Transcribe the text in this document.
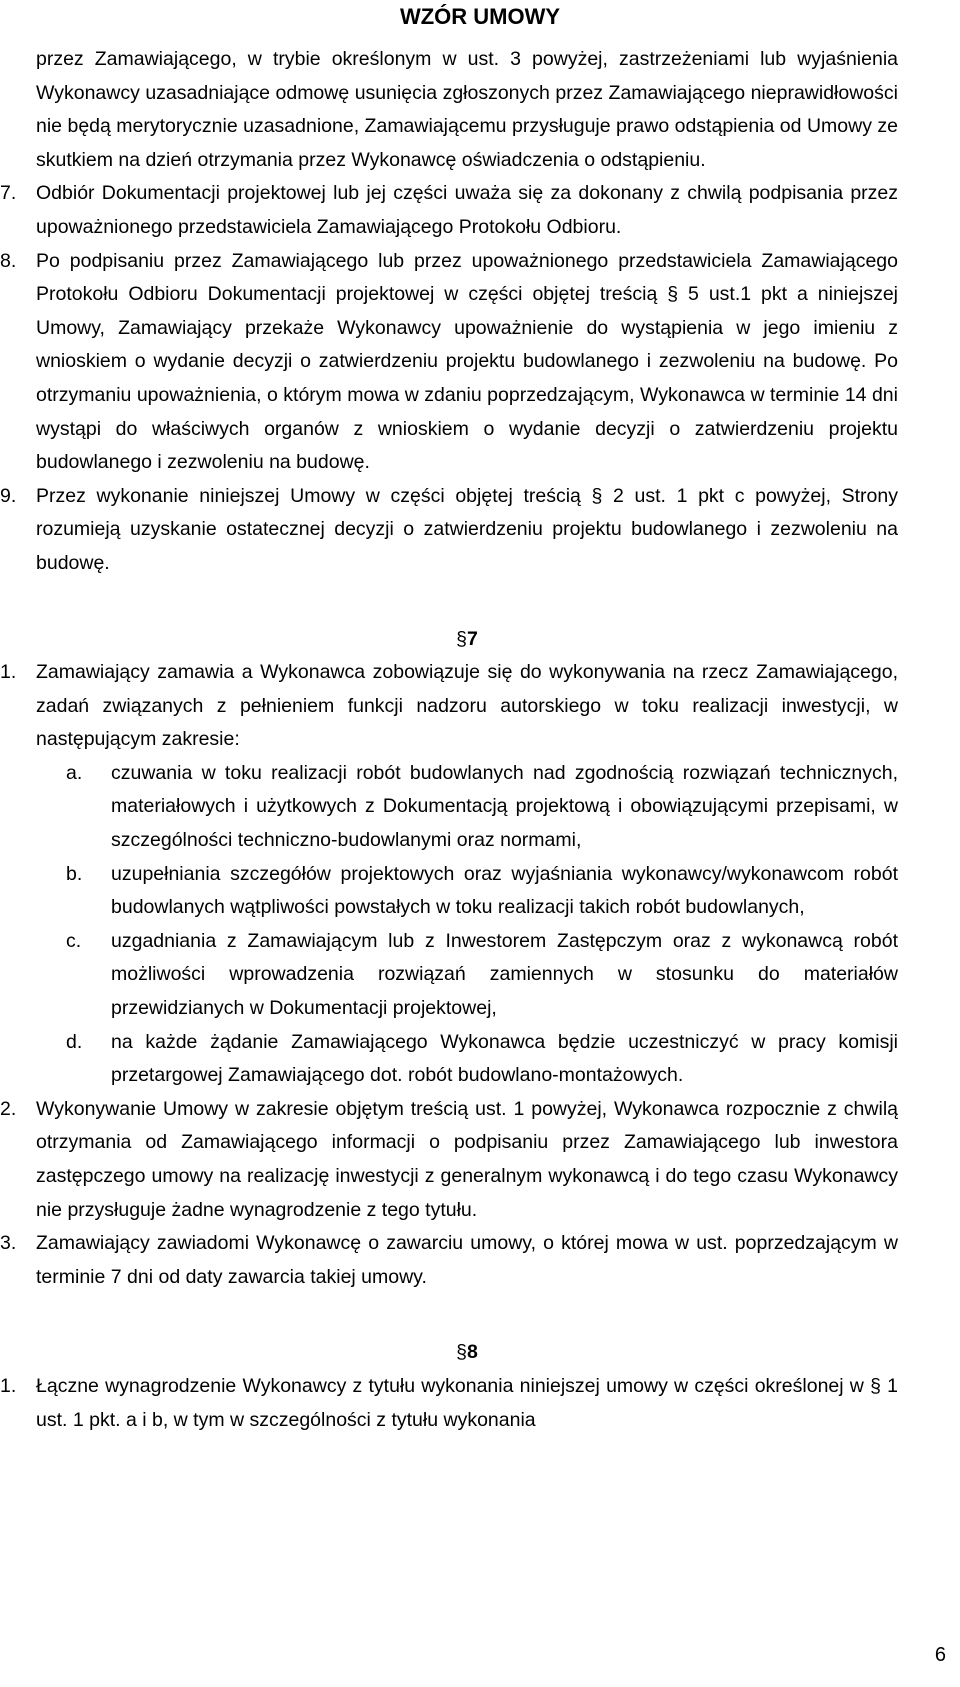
WZÓR UMOWY
przez Zamawiającego, w trybie określonym w ust. 3 powyżej, zastrzeżeniami lub wyjaśnienia Wykonawcy uzasadniające odmowę usunięcia zgłoszonych przez Zamawiającego nieprawidłowości nie będą merytorycznie uzasadnione, Zamawiającemu przysługuje prawo odstąpienia od Umowy ze skutkiem na dzień otrzymania przez Wykonawcę oświadczenia o odstąpieniu.
7. Odbiór Dokumentacji projektowej lub jej części uważa się za dokonany z chwilą podpisania przez upoważnionego przedstawiciela Zamawiającego Protokołu Odbioru.
8. Po podpisaniu przez Zamawiającego lub przez upoważnionego przedstawiciela Zamawiającego Protokołu Odbioru Dokumentacji projektowej w części objętej treścią § 5 ust.1 pkt a niniejszej Umowy, Zamawiający przekaże Wykonawcy upoważnienie do wystąpienia w jego imieniu z wnioskiem o wydanie decyzji o zatwierdzeniu projektu budowlanego i zezwoleniu na budowę. Po otrzymaniu upoważnienia, o którym mowa w zdaniu poprzedzającym, Wykonawca w terminie 14 dni wystąpi do właściwych organów z wnioskiem o wydanie decyzji o zatwierdzeniu projektu budowlanego i zezwoleniu na budowę.
9. Przez wykonanie niniejszej Umowy w części objętej treścią § 2 ust. 1 pkt c powyżej, Strony rozumieją uzyskanie ostatecznej decyzji o zatwierdzeniu projektu budowlanego i zezwoleniu na budowę.
§7
1. Zamawiający zamawia a Wykonawca zobowiązuje się do wykonywania na rzecz Zamawiającego, zadań związanych z pełnieniem funkcji nadzoru autorskiego w toku realizacji inwestycji, w następującym zakresie:
a. czuwania w toku realizacji robót budowlanych nad zgodnością rozwiązań technicznych, materiałowych i użytkowych z Dokumentacją projektową i obowiązującymi przepisami, w szczególności techniczno-budowlanymi oraz normami,
b. uzupełniania szczegółów projektowych oraz wyjaśniania wykonawcy/wykonawcom robót budowlanych wątpliwości powstałych w toku realizacji takich robót budowlanych,
c. uzgadniania z Zamawiającym lub z Inwestorem Zastępczym oraz z wykonawcą robót możliwości wprowadzenia rozwiązań zamiennych w stosunku do materiałów przewidzianych w Dokumentacji projektowej,
d. na każde żądanie Zamawiającego Wykonawca będzie uczestniczyć w pracy komisji przetargowej Zamawiającego dot. robót budowlano-montażowych.
2. Wykonywanie Umowy w zakresie objętym treścią ust. 1 powyżej, Wykonawca rozpocznie z chwilą otrzymania od Zamawiającego informacji o podpisaniu przez Zamawiającego lub inwestora zastępczego umowy na realizację inwestycji z generalnym wykonawcą i do tego czasu Wykonawcy nie przysługuje żadne wynagrodzenie z tego tytułu.
3. Zamawiający zawiadomi Wykonawcę o zawarciu umowy, o której mowa w ust. poprzedzającym w terminie 7 dni od daty zawarcia takiej umowy.
§8
1. Łączne wynagrodzenie Wykonawcy z tytułu wykonania niniejszej umowy w części określonej w § 1 ust. 1 pkt. a i b, w tym w szczególności z tytułu wykonania
6
